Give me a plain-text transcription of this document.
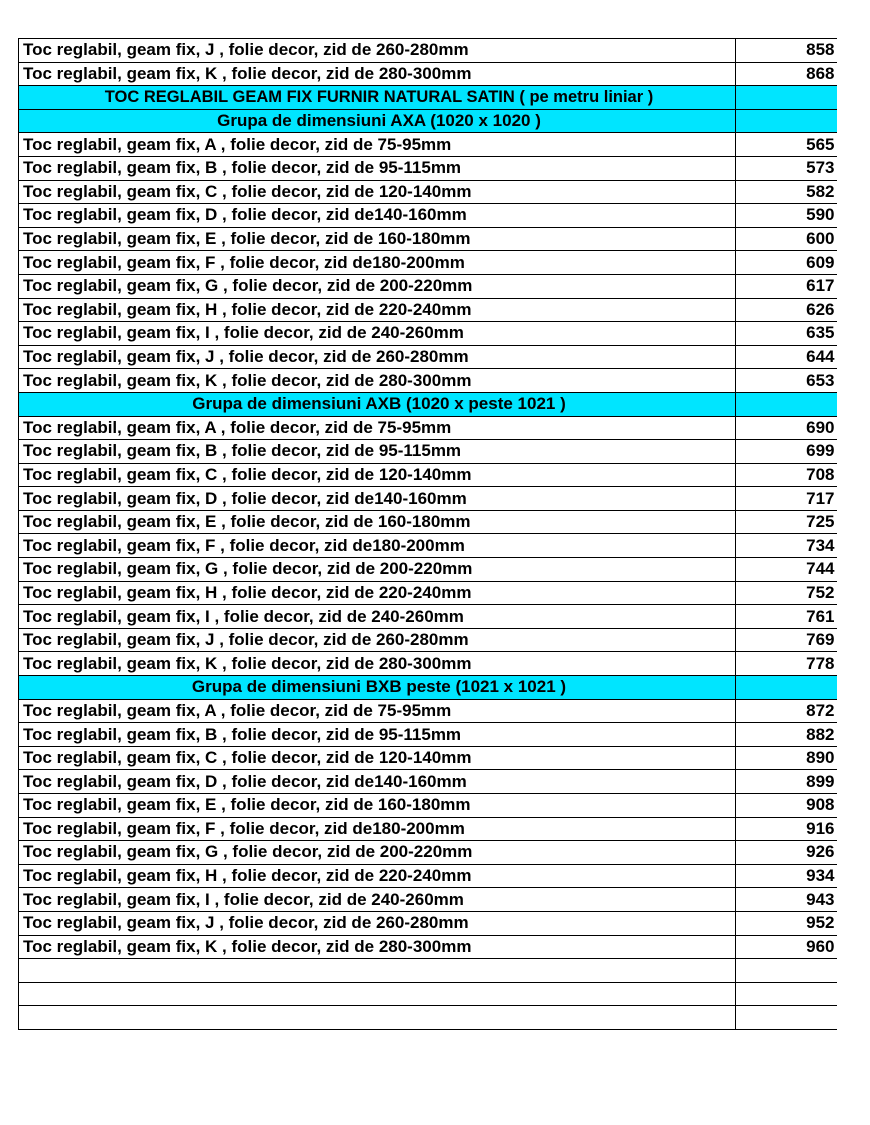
Toc reglabil, geam fix, J , folie decor, zid de 260-280mm	858
Toc reglabil, geam fix, K , folie decor, zid de 280-300mm	868
TOC REGLABIL GEAM FIX FURNIR NATURAL SATIN ( pe metru liniar )	
Grupa de dimensiuni AXA (1020 x 1020 )	
Toc reglabil, geam fix, A , folie decor, zid de 75-95mm	565
Toc reglabil, geam fix, B , folie decor, zid de 95-115mm	573
Toc reglabil, geam fix, C , folie decor, zid de 120-140mm	582
Toc reglabil, geam fix, D , folie decor, zid de140-160mm	590
Toc reglabil, geam fix, E , folie decor, zid de 160-180mm	600
Toc reglabil, geam fix, F , folie decor, zid de180-200mm	609
Toc reglabil, geam fix, G , folie decor, zid de 200-220mm	617
Toc reglabil, geam fix, H , folie decor, zid de 220-240mm	626
Toc reglabil, geam fix, I , folie decor, zid de 240-260mm	635
Toc reglabil, geam fix, J , folie decor, zid de 260-280mm	644
Toc reglabil, geam fix, K , folie decor, zid de 280-300mm	653
Grupa de dimensiuni AXB (1020 x peste 1021 )	
Toc reglabil, geam fix, A , folie decor, zid de 75-95mm	690
Toc reglabil, geam fix, B , folie decor, zid de 95-115mm	699
Toc reglabil, geam fix, C , folie decor, zid de 120-140mm	708
Toc reglabil, geam fix, D , folie decor, zid de140-160mm	717
Toc reglabil, geam fix, E , folie decor, zid de 160-180mm	725
Toc reglabil, geam fix, F , folie decor, zid de180-200mm	734
Toc reglabil, geam fix, G , folie decor, zid de 200-220mm	744
Toc reglabil, geam fix, H , folie decor, zid de 220-240mm	752
Toc reglabil, geam fix, I , folie decor, zid de 240-260mm	761
Toc reglabil, geam fix, J , folie decor, zid de 260-280mm	769
Toc reglabil, geam fix, K , folie decor, zid de 280-300mm	778
Grupa de dimensiuni BXB peste (1021 x 1021 )	
Toc reglabil, geam fix, A , folie decor, zid de 75-95mm	872
Toc reglabil, geam fix, B , folie decor, zid de 95-115mm	882
Toc reglabil, geam fix, C , folie decor, zid de 120-140mm	890
Toc reglabil, geam fix, D , folie decor, zid de140-160mm	899
Toc reglabil, geam fix, E , folie decor, zid de 160-180mm	908
Toc reglabil, geam fix, F , folie decor, zid de180-200mm	916
Toc reglabil, geam fix, G , folie decor, zid de 200-220mm	926
Toc reglabil, geam fix, H , folie decor, zid de 220-240mm	934
Toc reglabil, geam fix, I , folie decor, zid de 240-260mm	943
Toc reglabil, geam fix, J , folie decor, zid de 260-280mm	952
Toc reglabil, geam fix, K , folie decor, zid de 280-300mm	960
